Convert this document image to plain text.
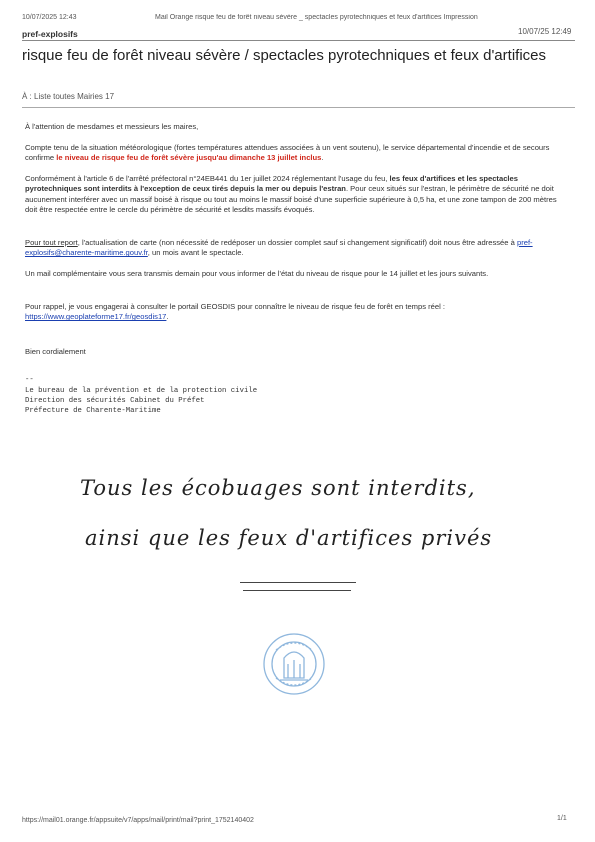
10/07/2025 12:43	Mail Orange risque feu de forêt niveau sévère _ spectacles pyrotechniques et feux d'artifices Impression
pref-explosifs	10/07/25 12:49
risque feu de forêt niveau sévère / spectacles pyrotechniques et feux d'artifices
À : Liste toutes Mairies 17
À l'attention de mesdames et messieurs les maires,
Compte tenu de la situation météorologique (fortes températures attendues associées à un vent soutenu), le service départemental d'incendie et de secours confirme le niveau de risque feu de forêt sévère jusqu'au dimanche 13 juillet inclus.
Conformément à l'article 6 de l'arrêté préfectoral n°24EB441 du 1er juillet 2024 réglementant l'usage du feu, les feux d'artifices et les spectacles pyrotechniques sont interdits à l'exception de ceux tirés depuis la mer ou depuis l'estran. Pour ceux situés sur l'estran, le périmètre de sécurité ne doit aucunement interférer avec un massif boisé à risque ou tout au moins le massif boisé d'une superficie supérieure à 0,5 ha, et une zone tampon de 200 mètres doit être respectée entre le cercle du périmètre de sécurité et lesdits massifs évoqués.
Pour tout report, l'actualisation de carte (non nécessité de redéposer un dossier complet sauf si changement significatif) doit nous être adressée à pref-explosifs@charente-maritime.gouv.fr, un mois avant le spectacle.
Un mail complémentaire vous sera transmis demain pour vous informer de l'état du niveau de risque pour le 14 juillet et les jours suivants.
Pour rappel, je vous engagerai à consulter le portail GEOSDIS pour connaître le niveau de risque feu de forêt en temps réel :
https://www.geoplateforme17.fr/geosdis17.
Bien cordialement
--
Le bureau de la prévention et de la protection civile
Direction des sécurités Cabinet du Préfet
Préfecture de Charente-Maritime
Tous les écobuages sont interdits,
ainsi que les feux d'artifices privés
https://mail01.orange.fr/appsuite/v7/apps/mail/print/mail?print_1752140402	1/1
